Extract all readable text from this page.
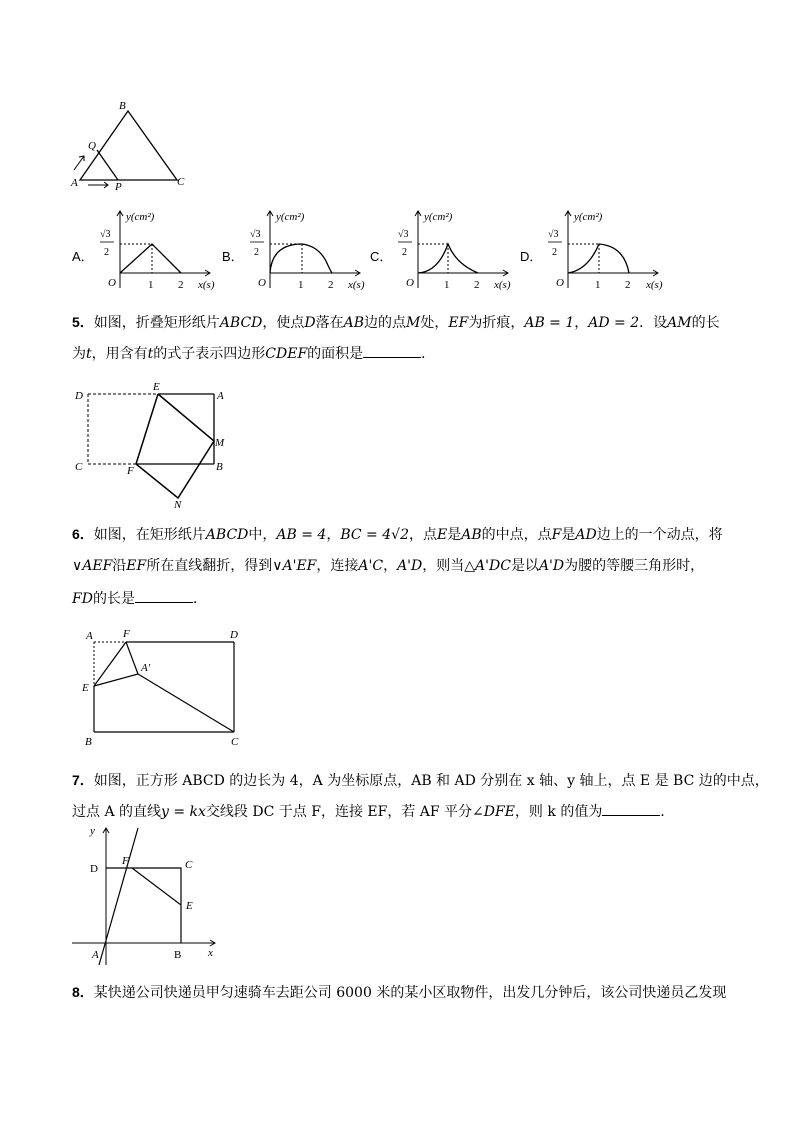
B
Q
A	P	C
A．	B．	C．	D．
√3
2
y(cm²)
O	1 2 x(s)
√3
2
y(cm²)
O	1 2 x(s)
√3
2
y(cm²)
O	1 2 x(s)
√3
2
y(cm²)
O	1 2 x(s)
5．如图，折叠矩形纸片ABCD，使点D落在AB边的点M处，EF为折痕，AB = 1，AD = 2．设AM的长
为t，用含有t的式子表示四边形CDEF的面积是	．
D
E
A
M
C	F	B
N
6．如图，在矩形纸片ABCD中，AB = 4，BC = 4√2，点E是AB的中点，点F是AD边上的一个动点，将
∨AEF沿EF所在直线翻折，得到∨A'EF，连接A'C，A'D，则当△A'DC是以A'D为腰的等腰三角形时，
FD的长是	．
A	F	D
A′
E
B	C
7．如图，正方形 ABCD 的边长为 4，A 为坐标原点，AB 和 AD 分别在 x 轴、y 轴上，点 E 是 BC 边的中点，
过点 A 的直线y = kx交线段 DC 于点 F，连接 EF，若 AF 平分∠DFE，则 k 的值为	．
y
D
F	C
E
A	B x
8．某快递公司快递员甲匀速骑车去距公司 6000 米的某小区取物件，出发几分钟后，该公司快递员乙发现
